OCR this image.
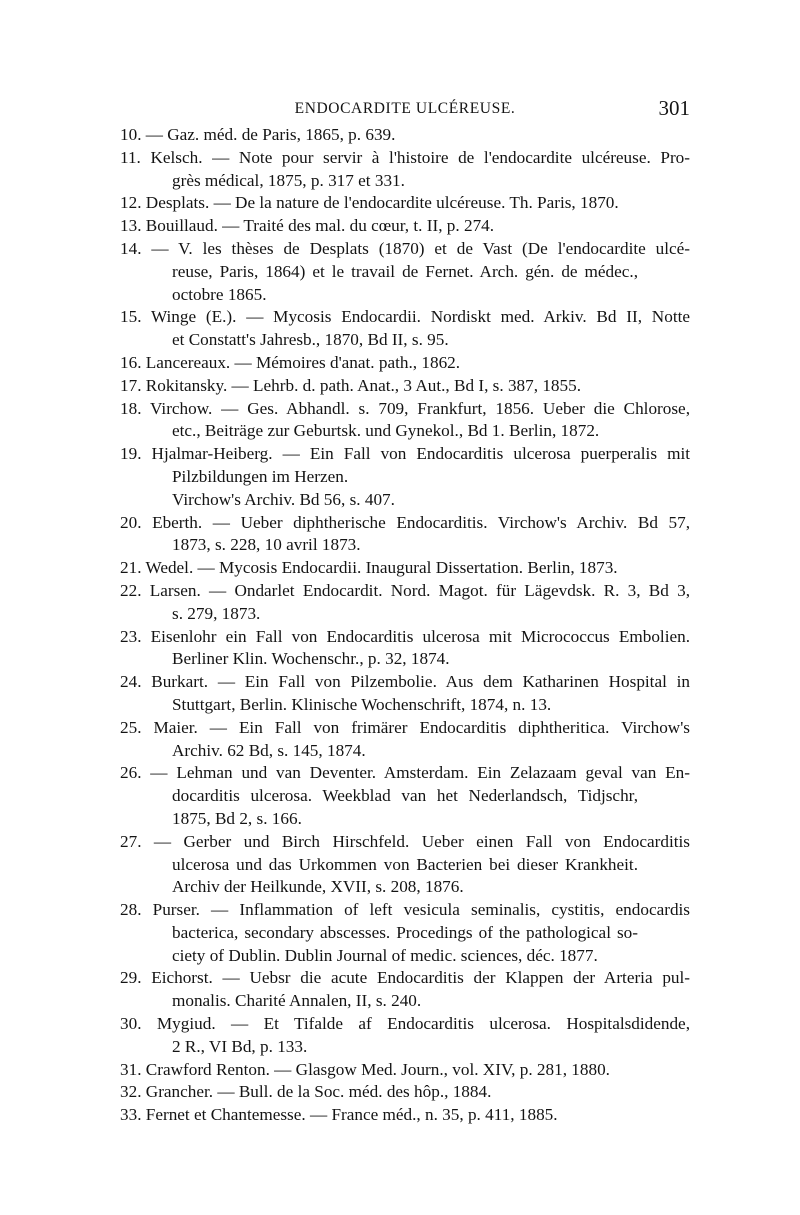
ENDOCARDITE ULCÉREUSE.	301

10. — Gaz. méd. de Paris, 1865, p. 639.

11. Kelsch. — Note pour servir à l'histoire de l'endocardite ulcéreuse. Pro-
grès médical, 1875, p. 317 et 331.

12. Desplats. — De la nature de l'endocardite ulcéreuse. Th. Paris, 1870.

13. Bouillaud. — Traité des mal. du cœur, t. II, p. 274.

14. — V. les thèses de Desplats (1870) et de Vast (De l'endocardite ulcé-
reuse, Paris, 1864) et le travail de Fernet. Arch. gén. de médec.,
octobre 1865.

15. Winge (E.). — Mycosis Endocardii. Nordiskt med. Arkiv. Bd II, Notte
et Constatt's Jahresb., 1870, Bd II, s. 95.

16. Lancereaux. — Mémoires d'anat. path., 1862.

17. Rokitansky. — Lehrb. d. path. Anat., 3 Aut., Bd I, s. 387, 1855.

18. Virchow. — Ges. Abhandl. s. 709, Frankfurt, 1856. Ueber die Chlorose,
etc., Beiträge zur Geburtsk. und Gynekol., Bd 1. Berlin, 1872.

19. Hjalmar-Heiberg. — Ein Fall von Endocarditis ulcerosa puerperalis mit
Pilzbildungen im Herzen.
Virchow's Archiv. Bd 56, s. 407.

20. Eberth. — Ueber diphtherische Endocarditis. Virchow's Archiv. Bd 57,
1873, s. 228, 10 avril 1873.

21. Wedel. — Mycosis Endocardii. Inaugural Dissertation. Berlin, 1873.

22. Larsen. — Ondarlet Endocardit. Nord. Magot. für Lägevdsk. R. 3, Bd 3,
s. 279, 1873.

23. Eisenlohr ein Fall von Endocarditis ulcerosa mit Micrococcus Embolien.
Berliner Klin. Wochenschr., p. 32, 1874.

24. Burkart. — Ein Fall von Pilzembolie. Aus dem Katharinen Hospital in
Stuttgart, Berlin. Klinische Wochenschrift, 1874, n. 13.

25. Maier. — Ein Fall von frimärer Endocarditis diphtheritica. Virchow's
Archiv. 62 Bd, s. 145, 1874.

26. — Lehman und van Deventer. Amsterdam. Ein Zelazaam geval van En-
docarditis ulcerosa. Weekblad van het Nederlandsch, Tidjschr,
1875, Bd 2, s. 166.

27. — Gerber und Birch Hirschfeld. Ueber einen Fall von Endocarditis
ulcerosa und das Urkommen von Bacterien bei dieser Krankheit.
Archiv der Heilkunde, XVII, s. 208, 1876.

28. Purser. — Inflammation of left vesicula seminalis, cystitis, endocardis
bacterica, secondary abscesses. Procedings of the pathological so-
ciety of Dublin. Dublin Journal of medic. sciences, déc. 1877.

29. Eichorst. — Uebsr die acute Endocarditis der Klappen der Arteria pul-
monalis. Charité Annalen, II, s. 240.

30. Mygiud. — Et Tifalde af Endocarditis ulcerosa. Hospitalsdidende,
2 R., VI Bd, p. 133.

31. Crawford Renton. — Glasgow Med. Journ., vol. XIV, p. 281, 1880.

32. Grancher. — Bull. de la Soc. méd. des hôp., 1884.

33. Fernet et Chantemesse. — France méd., n. 35, p. 411, 1885.
